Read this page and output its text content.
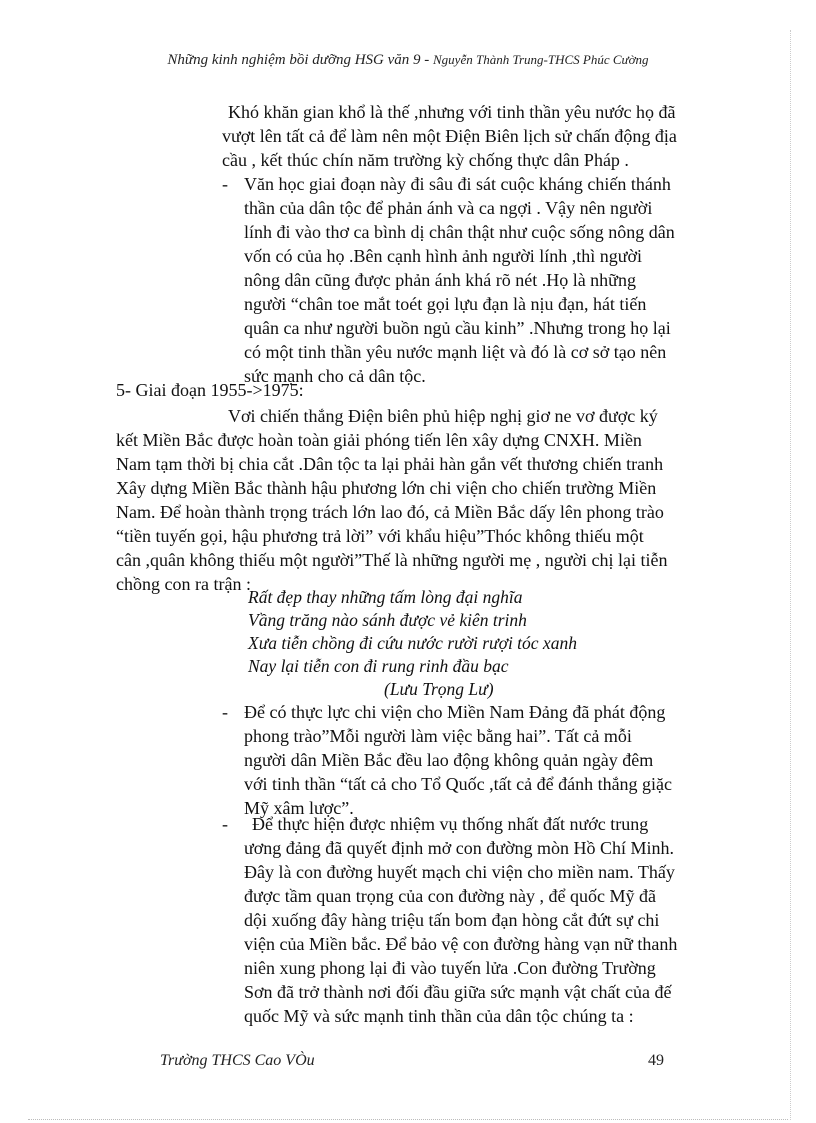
Những kinh nghiệm bồi dưỡng HSG văn 9 - Nguyễn Thành Trung-THCS Phúc Cường
Khó khăn gian khổ là thế ,nhưng với tinh thần yêu nước họ đã
vượt lên tất cả để làm nên một Điện Biên lịch sử chấn động địa
cầu , kết thúc chín năm trường kỳ chống thực dân Pháp .
- Văn học giai đoạn này đi sâu đi sát cuộc kháng chiến thánh
thần của dân tộc để phản ánh và ca ngợi . Vậy nên người
lính đi vào thơ ca bình dị chân thật như cuộc sống nông dân
vốn có của họ .Bên cạnh hình ảnh người lính ,thì người
nông dân cũng được phản ánh khá rõ nét .Họ là những
người “chân toe mắt toét gọi lựu đạn là nịu đạn, hát tiến
quân ca như người buồn ngủ cầu kinh” .Nhưng trong họ lại
có một tinh thần yêu nước mạnh liệt và đó là cơ sở tạo nên
sức mạnh cho cả dân tộc.
5- Giai đoạn 1955->1975:
Vơi chiến thắng Điện biên phủ hiệp nghị giơ ne vơ được ký
kết Miền Bắc được hoàn toàn giải phóng tiến lên xây dựng CNXH. Miền
Nam tạm thời bị chia cắt .Dân tộc ta lại phải hàn gắn vết thương chiến tranh
Xây dựng Miền Bắc thành hậu phương lớn chi viện cho chiến trường Miền
Nam. Để hoàn thành trọng trách lớn lao đó, cả Miền Bắc dấy lên phong trào
“tiền tuyến gọi, hậu phương trả lời” với khẩu hiệu”Thóc không thiếu một
cân ,quân không thiếu một người”Thế là những người mẹ , người chị lại tiễn
chồng con ra trận :
Rất đẹp thay những tấm lòng đại nghĩa
Vầng trăng nào sánh được vẻ kiên trinh
Xưa tiễn chồng đi cứu nước rười rượi tóc xanh
Nay lại tiễn con đi rung rinh đầu bạc
(Lưu Trọng Lư)
- Để có thực lực chi viện cho Miền Nam Đảng đã phát động
phong trào”Mỗi người làm việc bằng hai”. Tất cả mỗi
người dân Miền Bắc đều lao động không quản ngày đêm
với tinh thần “tất cả cho Tổ Quốc ,tất cả để đánh thắng giặc
Mỹ xâm lược”.
- Để thực hiện được nhiệm vụ thống nhất đất nước trung
ương đảng đã quyết định mở con đường mòn Hồ Chí Minh.
Đây là con đường huyết mạch chi viện cho miền nam. Thấy
được tầm quan trọng của con đường này , để quốc Mỹ đã
dội xuống đây hàng triệu tấn bom đạn hòng cắt đứt sự chi
viện của Miền bắc. Để bảo vệ con đường hàng vạn nữ thanh
niên xung phong lại đi vào tuyến lửa .Con đường Trường
Sơn đã trở thành nơi đối đầu giữa sức mạnh vật chất của đế
quốc Mỹ và sức mạnh tinh thần của dân tộc chúng ta :
Trường THCS Cao VÒu	49
